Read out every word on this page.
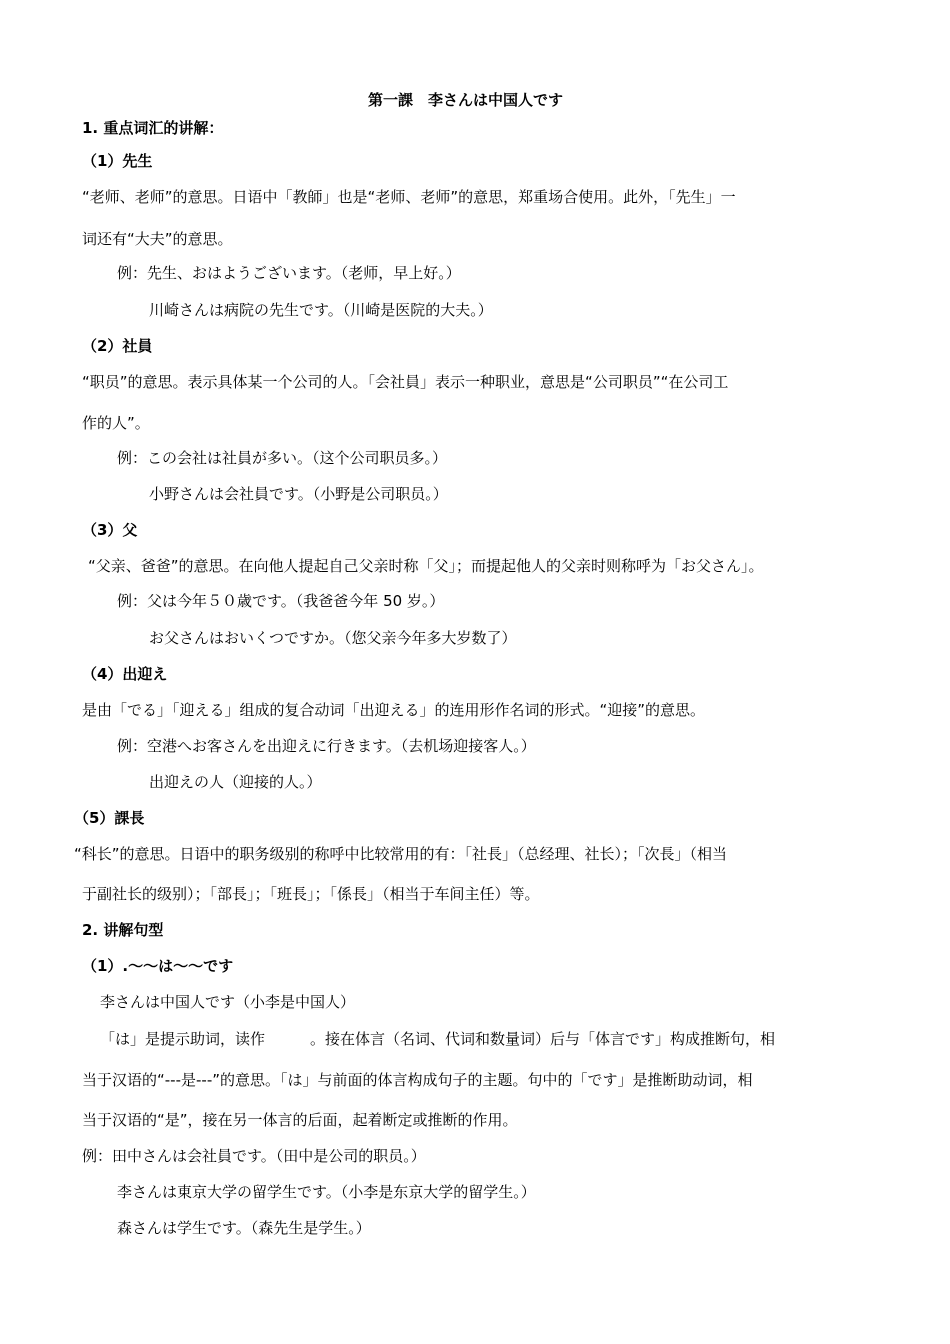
第一課　李さんは中国人です
1. 重点词汇的讲解：
（1）先生
“老师、老师”的意思。日语中「教師」也是“老师、老师”的意思，郑重场合使用。此外，「先生」一
词还有“大夫”的意思。
例：先生、おはようございます。（老师，早上好。）
川崎さんは病院の先生です。（川崎是医院的大夫。）
（2）社員
“职员”的意思。表示具体某一个公司的人。「会社員」表示一种职业，意思是“公司职员”“在公司工
作的人”。
例：この会社は社員が多い。（这个公司职员多。）
小野さんは会社員です。（小野是公司职员。）
（3）父
“父亲、爸爸”的意思。在向他人提起自己父亲时称「父」；而提起他人的父亲时则称呼为「お父さん」。
例：父は今年５０歳です。（我爸爸今年 50 岁。）
お父さんはおいくつですか。（您父亲今年多大岁数了）
（4）出迎え
是由「でる」「迎える」组成的复合动词「出迎える」的连用形作名词的形式。“迎接”的意思。
例：空港へお客さんを出迎えに行きます。（去机场迎接客人。）
出迎えの人（迎接的人。）
（5）課長
“科长”的意思。日语中的职务级别的称呼中比较常用的有：「社長」（总经理、社长）；「次長」（相当
于副社长的级别）；「部長」；「班長」；「係長」（相当于车间主任）等。
2. 讲解句型
（1）.～～は～～です
李さんは中国人です（小李是中国人）
「は」是提示助词，读作　　　。接在体言（名词、代词和数量词）后与「体言です」构成推断句，相
当于汉语的“---是---”的意思。「は」与前面的体言构成句子的主题。句中的「です」是推断助动词，相
当于汉语的“是”，接在另一体言的后面，起着断定或推断的作用。
例：田中さんは会社員です。（田中是公司的职员。）
李さんは東京大学の留学生です。（小李是东京大学的留学生。）
森さんは学生です。（森先生是学生。）
